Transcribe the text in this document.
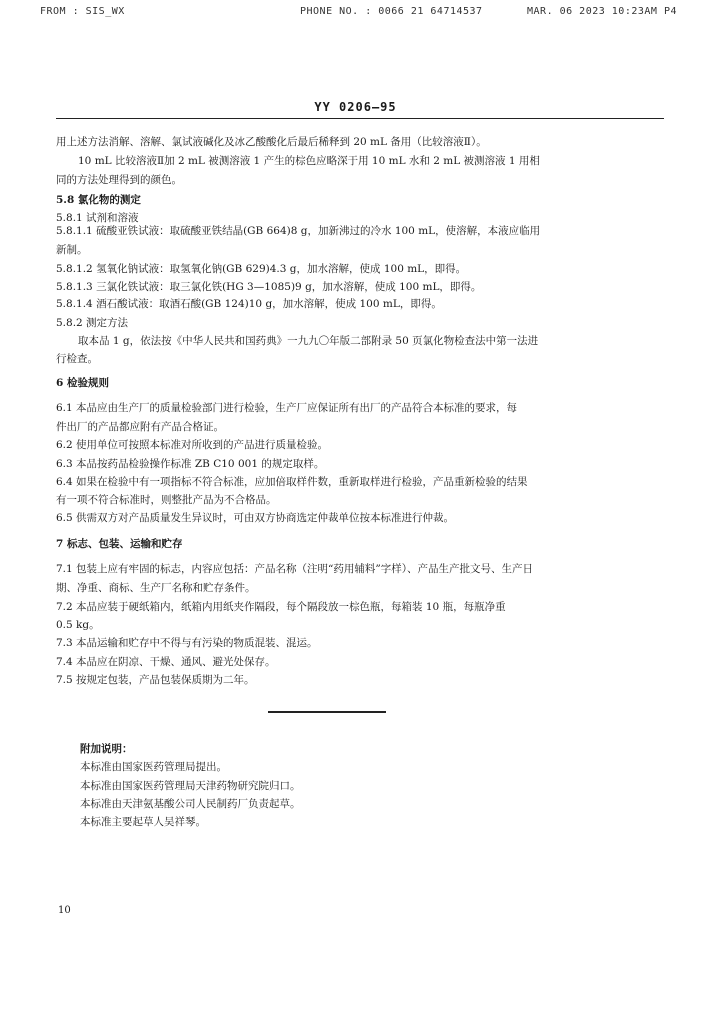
FROM : SIS_WX	PHONE NO. : 0066 21 64714537	MAR. 06 2023 10:23AM P4
YY 0206—95
用上述方法消解、溶解、氯试液碱化及冰乙酸酸化后最后稀释到 20 mL 备用（比较溶液Ⅱ）。
10 mL 比较溶液Ⅱ加 2 mL 被测溶液 1 产生的棕色应略深于用 10 mL 水和 2 mL 被测溶液 1 用相
同的方法处理得到的颜色。
5.8 氯化物的测定
5.8.1 试剂和溶液
5.8.1.1 硫酸亚铁试液：取硫酸亚铁结晶(GB 664)8 g，加新沸过的冷水 100 mL，使溶解，本液应临用
新制。
5.8.1.2 氢氧化钠试液：取氢氧化钠(GB 629)4.3 g，加水溶解，使成 100 mL，即得。
5.8.1.3 三氯化铁试液：取三氯化铁(HG 3—1085)9 g，加水溶解，使成 100 mL，即得。
5.8.1.4 酒石酸试液：取酒石酸(GB 124)10 g，加水溶解，使成 100 mL，即得。
5.8.2 测定方法
取本品 1 g，依法按《中华人民共和国药典》一九九〇年版二部附录 50 页氯化物检查法中第一法进
行检查。
6 检验规则
6.1 本品应由生产厂的质量检验部门进行检验，生产厂应保证所有出厂的产品符合本标准的要求，每
件出厂的产品都应附有产品合格证。
6.2 使用单位可按照本标准对所收到的产品进行质量检验。
6.3 本品按药品检验操作标准 ZB C10 001 的规定取样。
6.4 如果在检验中有一项指标不符合标准，应加倍取样件数，重新取样进行检验，产品重新检验的结果
有一项不符合标准时，则整批产品为不合格品。
6.5 供需双方对产品质量发生异议时，可由双方协商选定仲裁单位按本标准进行仲裁。
7 标志、包装、运输和贮存
7.1 包装上应有牢固的标志，内容应包括：产品名称（注明“药用辅料”字样）、产品生产批文号、生产日
期、净重、商标、生产厂名称和贮存条件。
7.2 本品应装于硬纸箱内，纸箱内用纸夹作隔段，每个隔段放一棕色瓶，每箱装 10 瓶，每瓶净重
0.5 kg。
7.3 本品运输和贮存中不得与有污染的物质混装、混运。
7.4 本品应在阴凉、干燥、通风、避光处保存。
7.5 按规定包装，产品包装保质期为二年。
附加说明：
本标准由国家医药管理局提出。
本标准由国家医药管理局天津药物研究院归口。
本标准由天津氨基酸公司人民制药厂负责起草。
本标准主要起草人吴祥琴。
10
